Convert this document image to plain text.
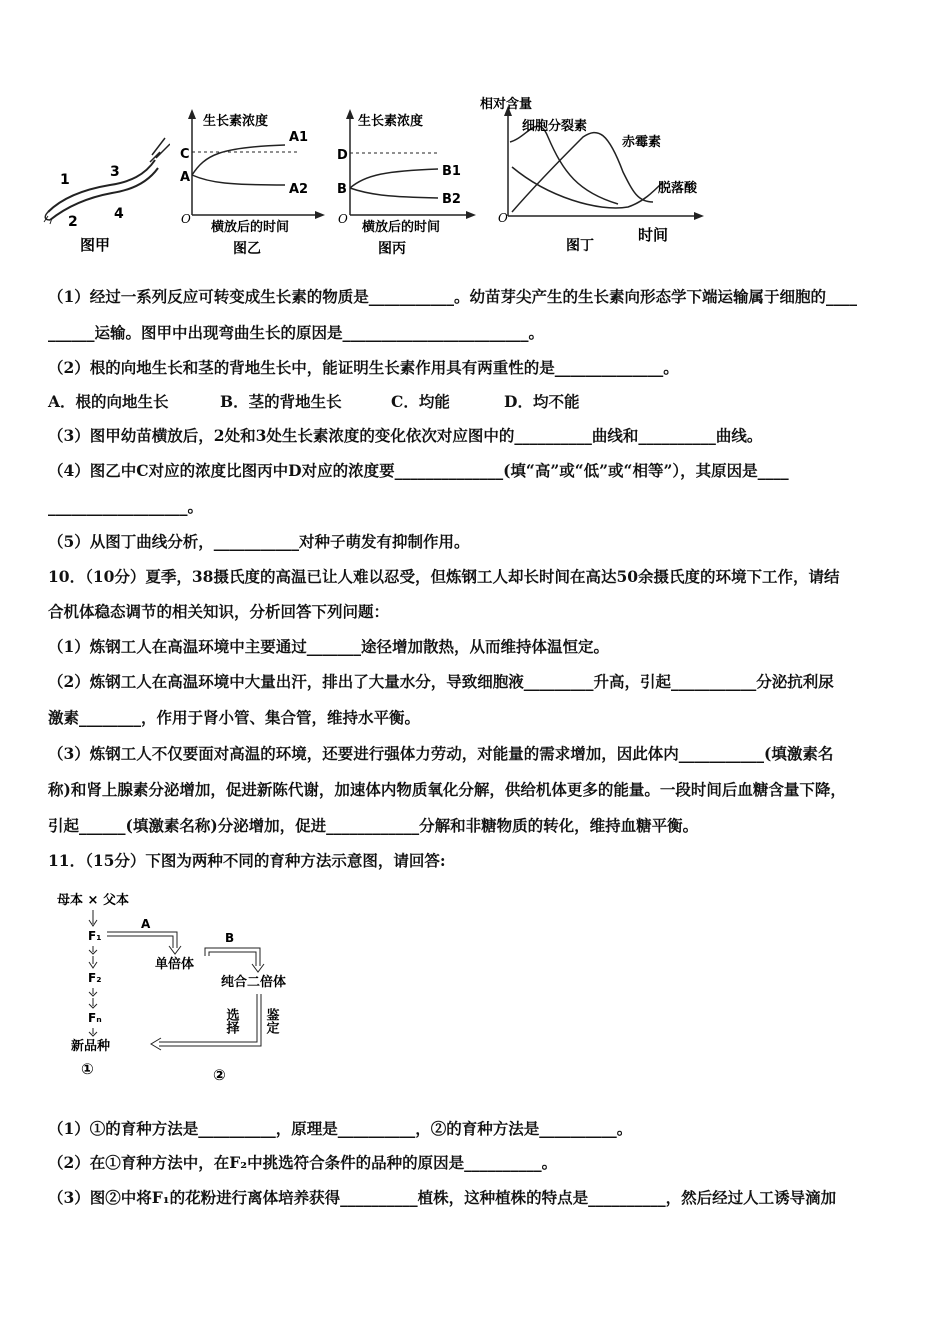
1
2
3
4
图甲
生长素浓度
C
A
A1
A2
O
横放后的时间
图乙
生长素浓度
D
B
B1
B2
O
横放后的时间
图丙
相对含量
细胞分裂素
赤霉素
脱落酸
O
图丁
时间
（1）经过一系列反应可转变成生长素的物质是___________。幼苗芽尖产生的生长素向形态学下端运输属于细胞的____
______运输。图甲中出现弯曲生长的原因是________________________。
（2）根的向地生长和茎的背地生长中，能证明生长素作用具有两重性的是______________。
A．根的向地生长	B．茎的背地生长	C．均能	D．均不能
（3）图甲幼苗横放后，2处和3处生长素浓度的变化依次对应图中的__________曲线和__________曲线。
（4）图乙中C对应的浓度比图丙中D对应的浓度要______________(填“高”或“低”或“相等”），其原因是____
__________________。
（5）从图丁曲线分析，___________对种子萌发有抑制作用。
10．（10分）夏季，38摄氏度的高温已让人难以忍受，但炼钢工人却长时间在高达50余摄氏度的环境下工作，请结
合机体稳态调节的相关知识，分析回答下列问题：
（1）炼钢工人在高温环境中主要通过_______途径增加散热，从而维持体温恒定。
（2）炼钢工人在高温环境中大量出汗，排出了大量水分，导致细胞液_________升高，引起___________分泌抗利尿
激素________，作用于肾小管、集合管，维持水平衡。
（3）炼钢工人不仅要面对高温的环境，还要进行强体力劳动，对能量的需求增加，因此体内___________(填激素名
称)和肾上腺素分泌增加，促进新陈代谢，加速体内物质氧化分解，供给机体更多的能量。一段时间后血糖含量下降，
引起______(填激素名称)分泌增加，促进____________分解和非糖物质的转化，维持血糖平衡。
11．（15分）下图为两种不同的育种方法示意图，请回答:
母本 × 父本
F₁
F₂
Fₙ
新品种
①
A
单倍体
B
纯合二倍体
选择 鉴定
②
（1）①的育种方法是__________，原理是__________，②的育种方法是__________。
（2）在①育种方法中，在F₂中挑选符合条件的品种的原因是__________。
（3）图②中将F₁的花粉进行离体培养获得__________植株，这种植株的特点是__________，然后经过人工诱导滴加
